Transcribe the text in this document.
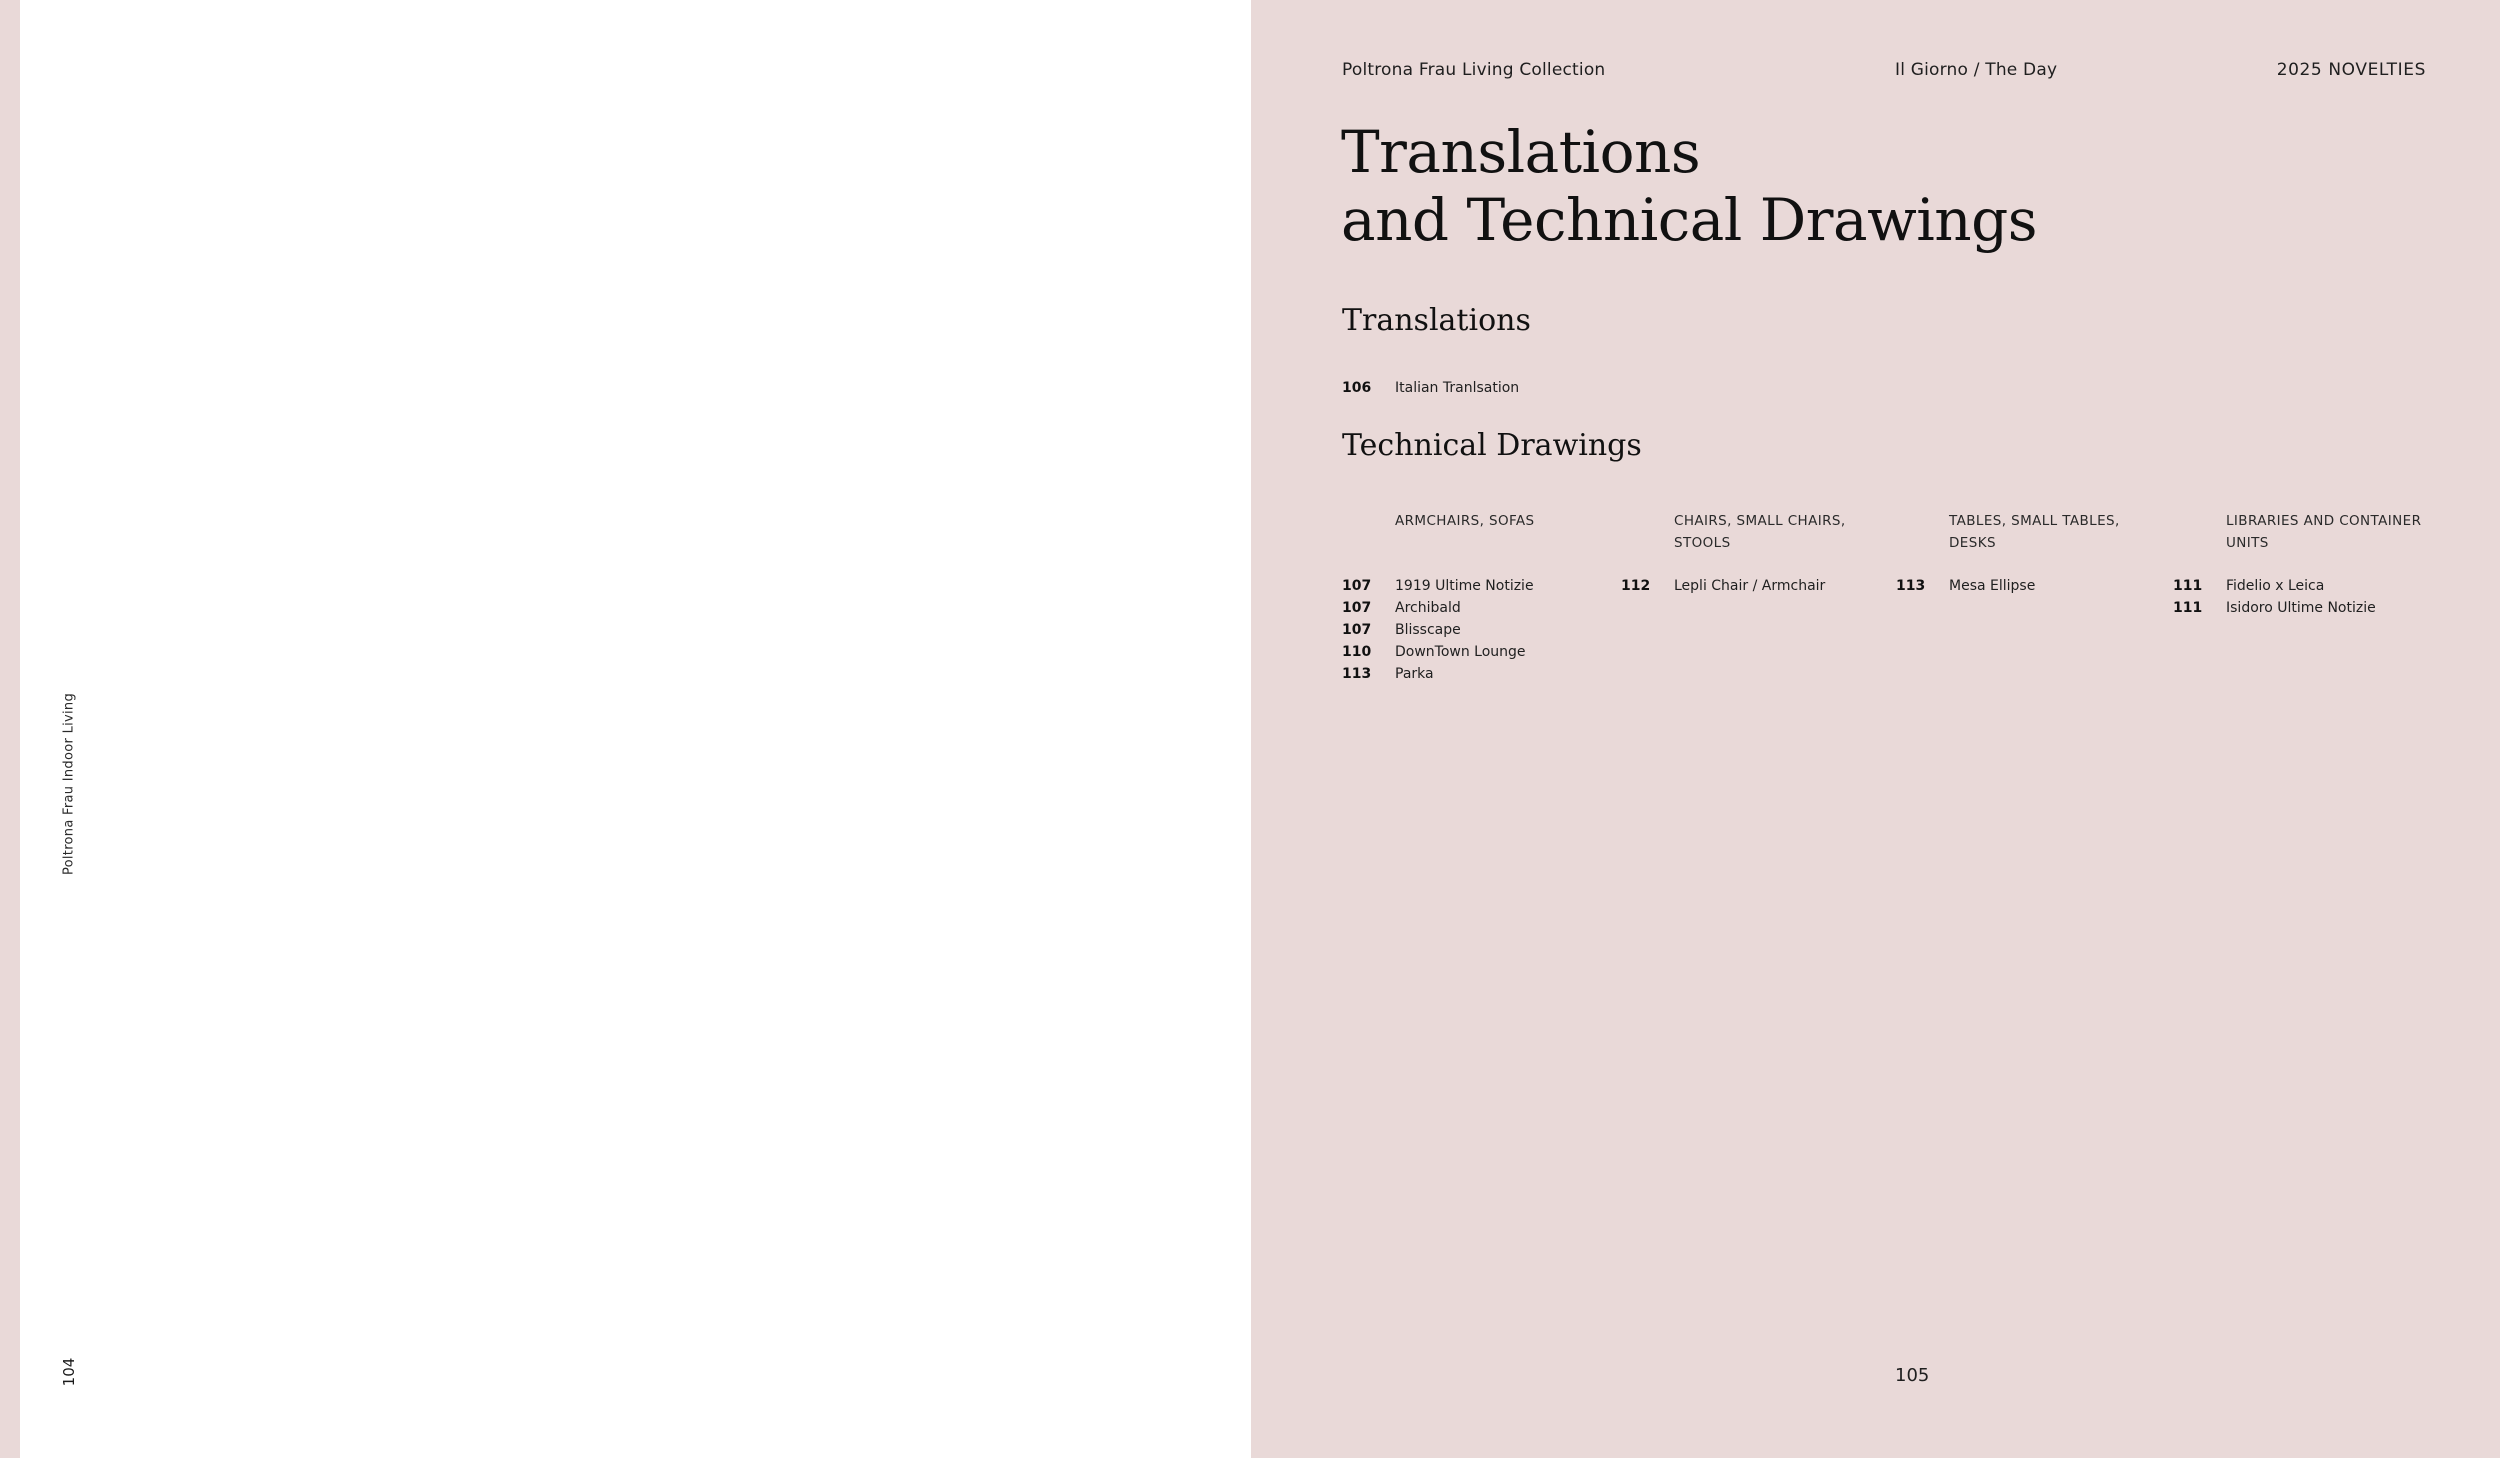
Poltrona Frau Indoor Living
104
Poltrona Frau Living Collection	Il Giorno / The Day	2025 NOVELTIES
Translations
and Technical Drawings
Translations
106 Italian Tranlsation
Technical Drawings
ARMCHAIRS, SOFAS
107 1919 Ultime Notizie
107 Archibald
107 Blisscape
110 DownTown Lounge
113 Parka
CHAIRS, SMALL CHAIRS, STOOLS
112 Lepli Chair / Armchair
TABLES, SMALL TABLES, DESKS
113 Mesa Ellipse
LIBRARIES AND CONTAINER UNITS
111 Fidelio x Leica
111 Isidoro Ultime Notizie
105
